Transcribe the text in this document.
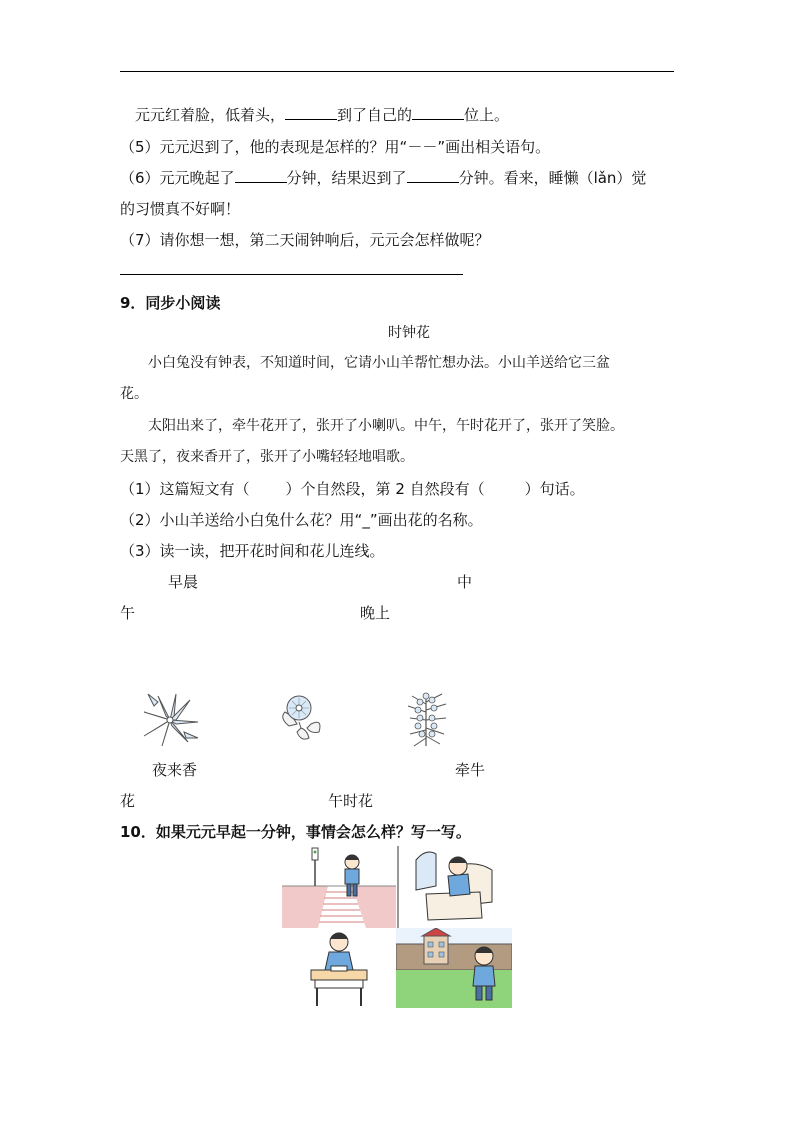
元元红着脸，低着头，	到了自己的	位上。
（5）元元迟到了，他的表现是怎样的？用“－－”画出相关语句。
（6）元元晚起了	分钟，结果迟到了	分钟。看来，睡懒（lǎn）觉
的习惯真不好啊！
（7）请你想一想，第二天闹钟响后，元元会怎样做呢？
9．同步小阅读
时钟花
小白兔没有钟表，不知道时间，它请小山羊帮忙想办法。小山羊送给它三盆
花。
太阳出来了，牵牛花开了，张开了小喇叭。中午，午时花开了，张开了笑脸。
天黑了，夜来香开了，张开了小嘴轻轻地唱歌。
（1）这篇短文有（ ）个自然段，第 2 自然段有（	）句话。
（2）小山羊送给小白兔什么花？用“_”画出花的名称。
（3）读一读，把开花时间和花儿连线。
早晨	中
午	晚上
夜来香	牵牛
花	午时花
10．如果元元早起一分钟，事情会怎么样？写一写。
